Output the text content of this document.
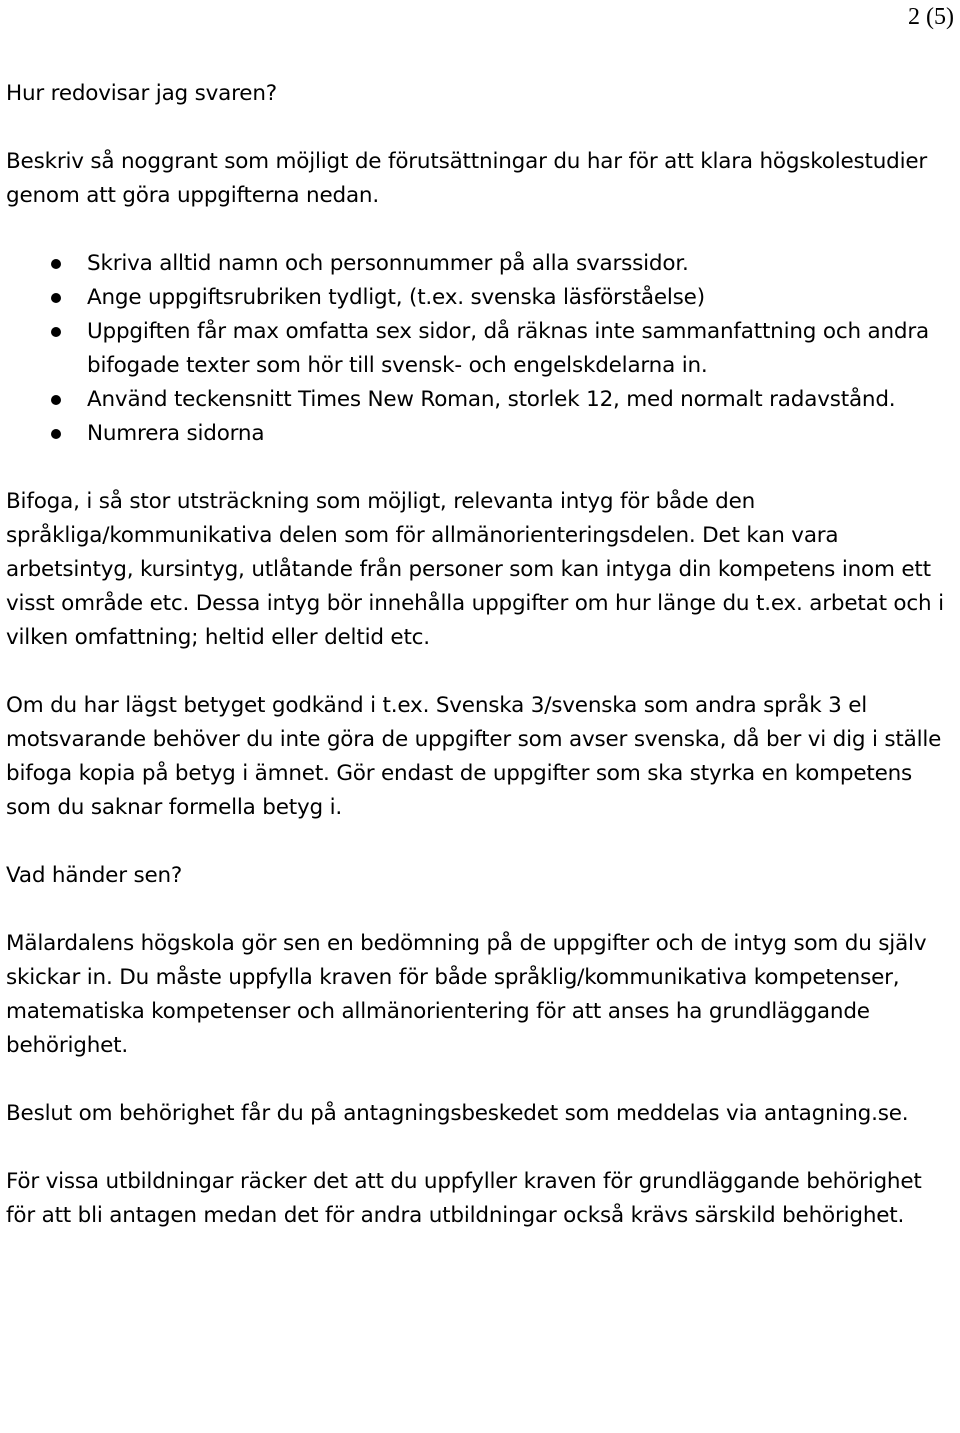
2 (5)

Hur redovisar jag svaren?

Beskriv så noggrant som möjligt de förutsättningar du har för att klara högskolestudier genom att göra uppgifterna nedan.

Skriva alltid namn och personnummer på alla svarssidor.
Ange uppgiftsrubriken tydligt, (t.ex. svenska läsförståelse)
Uppgiften får max omfatta sex sidor, då räknas inte sammanfattning och andra bifogade texter som hör till svensk- och engelskdelarna in.
Använd teckensnitt Times New Roman, storlek 12, med normalt radavstånd.
Numrera sidorna

Bifoga, i så stor utsträckning som möjligt, relevanta intyg för både den språkliga/kommunikativa delen som för allmänorienteringsdelen. Det kan vara arbetsintyg, kursintyg, utlåtande från personer som kan intyga din kompetens inom ett visst område etc. Dessa intyg bör innehålla uppgifter om hur länge du t.ex. arbetat och i vilken omfattning; heltid eller deltid etc.

Om du har lägst betyget godkänd i t.ex. Svenska 3/svenska som andra språk 3 el motsvarande behöver du inte göra de uppgifter som avser svenska, då ber vi dig i ställe bifoga kopia på betyg i ämnet. Gör endast de uppgifter som ska styrka en kompetens som du saknar formella betyg i.

Vad händer sen?

Mälardalens högskola gör sen en bedömning på de uppgifter och de intyg som du själv skickar in. Du måste uppfylla kraven för både språklig/kommunikativa kompetenser, matematiska kompetenser och allmänorientering för att anses ha grundläggande behörighet.

Beslut om behörighet får du på antagningsbeskedet som meddelas via antagning.se.

För vissa utbildningar räcker det att du uppfyller kraven för grundläggande behörighet för att bli antagen medan det för andra utbildningar också krävs särskild behörighet.
